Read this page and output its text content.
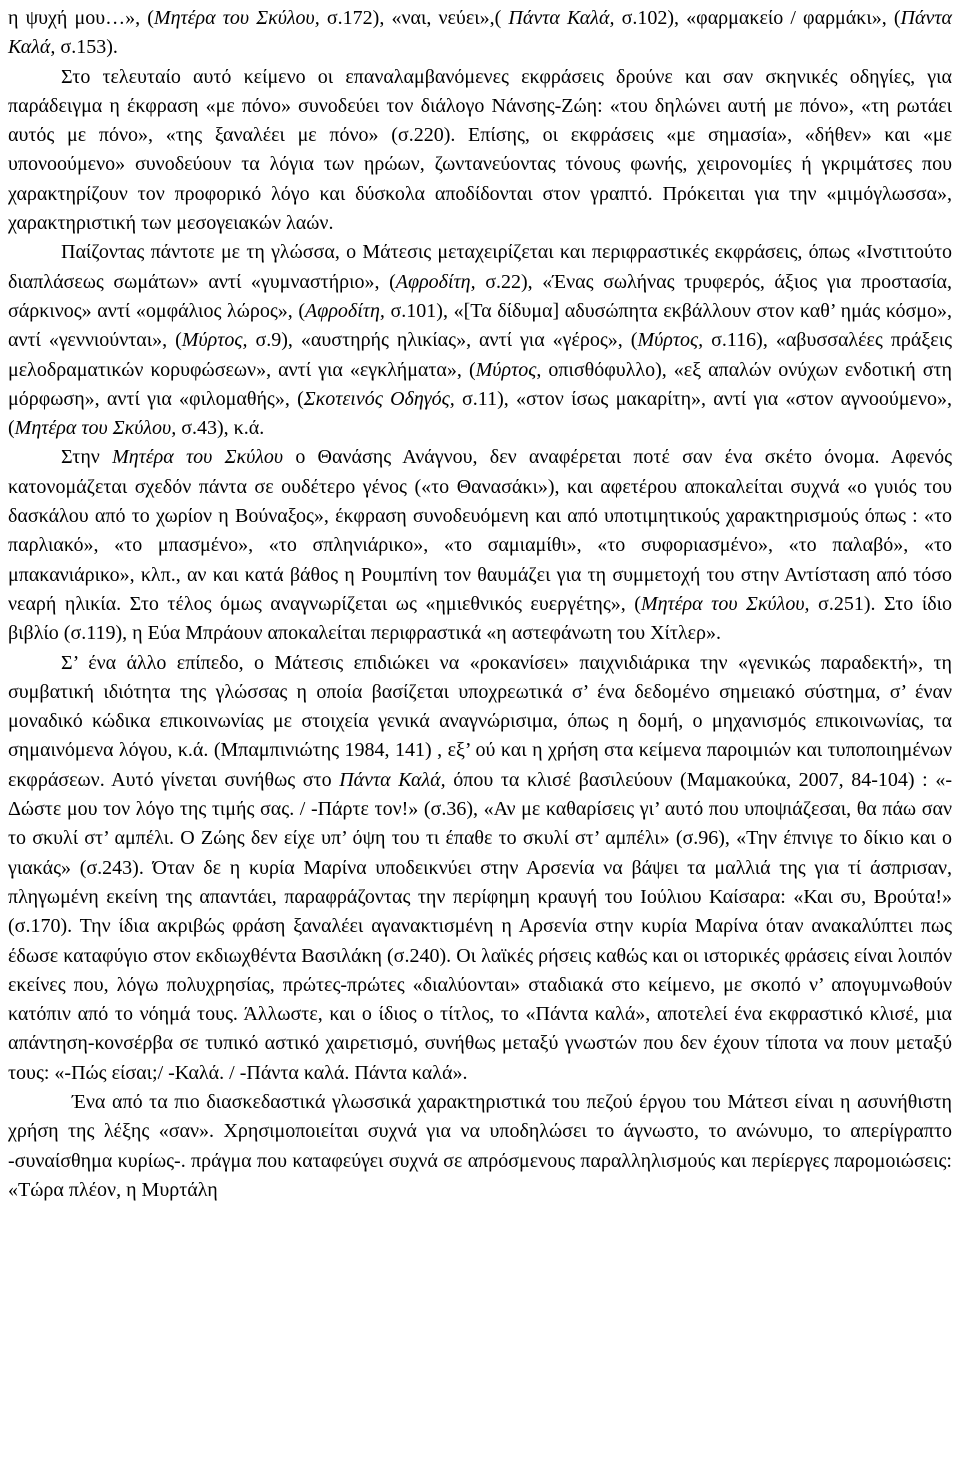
η ψυχή μου…», (Μητέρα του Σκύλου, σ.172), «ναι, νεύει»,( Πάντα Καλά, σ.102), «φαρμακείο / φαρμάκι», (Πάντα Καλά, σ.153).

Στο τελευταίο αυτό κείμενο οι επαναλαμβανόμενες εκφράσεις δρούνε και σαν σκηνικές οδηγίες, για παράδειγμα η έκφραση «με πόνο» συνοδεύει τον διάλογο Νάνσης-Ζώη: «του δηλώνει αυτή με πόνο», «τη ρωτάει αυτός με πόνο», «της ξαναλέει με πόνο» (σ.220). Επίσης, οι εκφράσεις «με σημασία», «δήθεν» και «με υπονοούμενο» συνοδεύουν τα λόγια των ηρώων, ζωντανεύοντας τόνους φωνής, χειρονομίες ή γκριμάτσες που χαρακτηρίζουν τον προφορικό λόγο και δύσκολα αποδίδονται στον γραπτό. Πρόκειται για την «μιμόγλωσσα», χαρακτηριστική των μεσογειακών λαών.

Παίζοντας πάντοτε με τη γλώσσα, ο Μάτεσις μεταχειρίζεται και περιφραστικές εκφράσεις, όπως «Ινστιτούτο διαπλάσεως σωμάτων» αντί «γυμναστήριο», (Αφροδίτη, σ.22), «Ένας σωλήνας τρυφερός, άξιος για προστασία, σάρκινος» αντί «ομφάλιος λώρος», (Αφροδίτη, σ.101), «[Τα δίδυμα] αδυσώπητα εκβάλλουν στον καθ’ ημάς κόσμο», αντί «γεννιούνται», (Μύρτος, σ.9), «αυστηρής ηλικίας», αντί για «γέρος», (Μύρτος, σ.116), «αβυσσαλέες πράξεις μελοδραματικών κορυφώσεων», αντί για «εγκλήματα», (Μύρτος, οπισθόφυλλο), «εξ απαλών ονύχων ενδοτική στη μόρφωση», αντί για «φιλομαθής», (Σκοτεινός Οδηγός, σ.11), «στον ίσως μακαρίτη», αντί για «στον αγνοούμενο», (Μητέρα του Σκύλου, σ.43), κ.ά.

Στην Μητέρα του Σκύλου ο Θανάσης Ανάγνου, δεν αναφέρεται ποτέ σαν ένα σκέτο όνομα. Αφενός κατονομάζεται σχεδόν πάντα σε ουδέτερο γένος («το Θανασάκι»), και αφετέρου αποκαλείται συχνά «ο γυιός του δασκάλου από το χωρίον η Βούναξος», έκφραση συνοδευόμενη και από υποτιμητικούς χαρακτηρισμούς όπως : «το παρλιακό», «το μπασμένο», «το σπληνιάρικο», «το σαμιαμίθι», «το συφοριασμένο», «το παλαβό», «το μπακανιάρικο», κλπ., αν και κατά βάθος η Ρουμπίνη τον θαυμάζει για τη συμμετοχή του στην Αντίσταση από τόσο νεαρή ηλικία. Στο τέλος όμως αναγνωρίζεται ως «ημιεθνικός ευεργέτης», (Μητέρα του Σκύλου, σ.251). Στο ίδιο βιβλίο (σ.119), η Εύα Μπράουν αποκαλείται περιφραστικά «η αστεφάνωτη του Χίτλερ».

Σ’ ένα άλλο επίπεδο, ο Μάτεσις επιδιώκει να «ροκανίσει» παιχνιδιάρικα την «γενικώς παραδεκτή», τη συμβατική ιδιότητα της γλώσσας η οποία βασίζεται υποχρεωτικά σ’ ένα δεδομένο σημειακό σύστημα, σ’ έναν μοναδικό κώδικα επικοινωνίας με στοιχεία γενικά αναγνώρισιμα, όπως η δομή, ο μηχανισμός επικοινωνίας, τα σημαινόμενα λόγου, κ.ά. (Μπαμπινιώτης 1984, 141) , εξ’ ού και η χρήση στα κείμενα παροιμιών και τυποποιημένων εκφράσεων. Αυτό γίνεται συνήθως στο Πάντα Καλά, όπου τα κλισέ βασιλεύουν (Μαμακούκα, 2007, 84-104) : «-Δώστε μου τον λόγο της τιμής σας. / -Πάρτε τον!» (σ.36), «Αν με καθαρίσεις γι’ αυτό που υποψιάζεσαι, θα πάω σαν το σκυλί στ’ αμπέλι. Ο Ζώης δεν είχε υπ’ όψη του τι έπαθε το σκυλί στ’ αμπέλι» (σ.96), «Την έπνιγε το δίκιο και ο γιακάς» (σ.243). Όταν δε η κυρία Μαρίνα υποδεικνύει στην Αρσενία να βάψει τα μαλλιά της για τί άσπρισαν, πληγωμένη εκείνη της απαντάει, παραφράζοντας την περίφημη κραυγή του Ιούλιου Καίσαρα: «Και συ, Βρούτα!» (σ.170). Την ίδια ακριβώς φράση ξαναλέει αγανακτισμένη η Αρσενία στην κυρία Μαρίνα όταν ανακαλύπτει πως έδωσε καταφύγιο στον εκδιωχθέντα Βασιλάκη (σ.240). Οι λαϊκές ρήσεις καθώς και οι ιστορικές φράσεις είναι λοιπόν εκείνες που, λόγω πολυχρησίας, πρώτες-πρώτες «διαλύονται» σταδιακά στο κείμενο, με σκοπό ν’ απογυμνωθούν κατόπιν από το νόημά τους. Άλλωστε, και ο ίδιος ο τίτλος, το «Πάντα καλά», αποτελεί ένα εκφραστικό κλισέ, μια απάντηση-κονσέρβα σε τυπικό αστικό χαιρετισμό, συνήθως μεταξύ γνωστών που δεν έχουν τίποτα να πουν μεταξύ τους: «-Πώς είσαι;/ -Καλά. / -Πάντα καλά. Πάντα καλά».

Ένα από τα πιο διασκεδαστικά γλωσσικά χαρακτηριστικά του πεζού έργου του Μάτεσι είναι η ασυνήθιστη χρήση της λέξης «σαν». Χρησιμοποιείται συχνά για να υποδηλώσει το άγνωστο, το ανώνυμο, το απερίγραπτο -συναίσθημα κυρίως-. πράγμα που καταφεύγει συχνά σε απρόσμενους παραλληλισμούς και περίεργες παρομοιώσεις: «Τώρα πλέον, η Μυρτάλη
